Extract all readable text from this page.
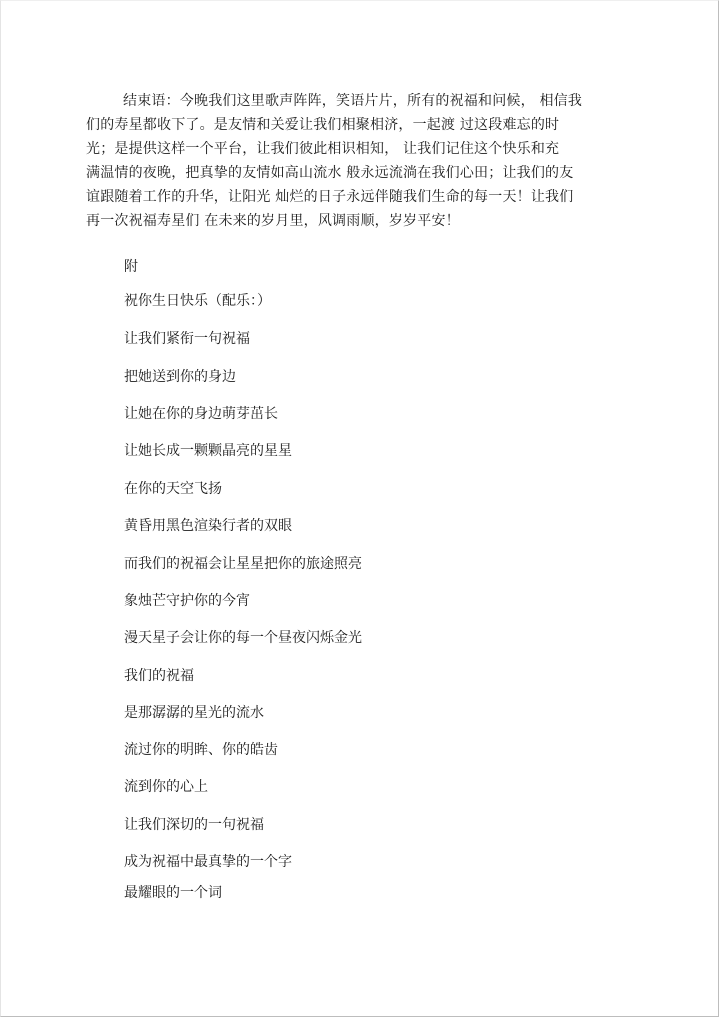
结束语：今晚我们这里歌声阵阵，笑语片片，所有的祝福和问候， 相信我
们的寿星都收下了。是友情和关爱让我们相聚相济，一起渡 过这段难忘的时
光；是提供这样一个平台，让我们彼此相识相知， 让我们记住这个快乐和充
满温情的夜晚，把真挚的友情如高山流水 般永远流淌在我们心田；让我们的友
谊跟随着工作的升华，让阳光 灿烂的日子永远伴随我们生命的每一天！让我们
再一次祝福寿星们 在未来的岁月里，风调雨顺，岁岁平安！

附

祝你生日快乐（配乐：）

让我们紧衔一句祝福

把她送到你的身边

让她在你的身边萌芽茁长

让她长成一颗颗晶亮的星星

在你的天空飞扬

黄昏用黑色渲染行者的双眼

而我们的祝福会让星星把你的旅途照亮

象烛芒守护你的今宵

漫天星子会让你的每一个昼夜闪烁金光

我们的祝福

是那潺潺的星光的流水

流过你的明眸、你的皓齿

流到你的心上

让我们深切的一句祝福

成为祝福中最真挚的一个字

最耀眼的一个词
